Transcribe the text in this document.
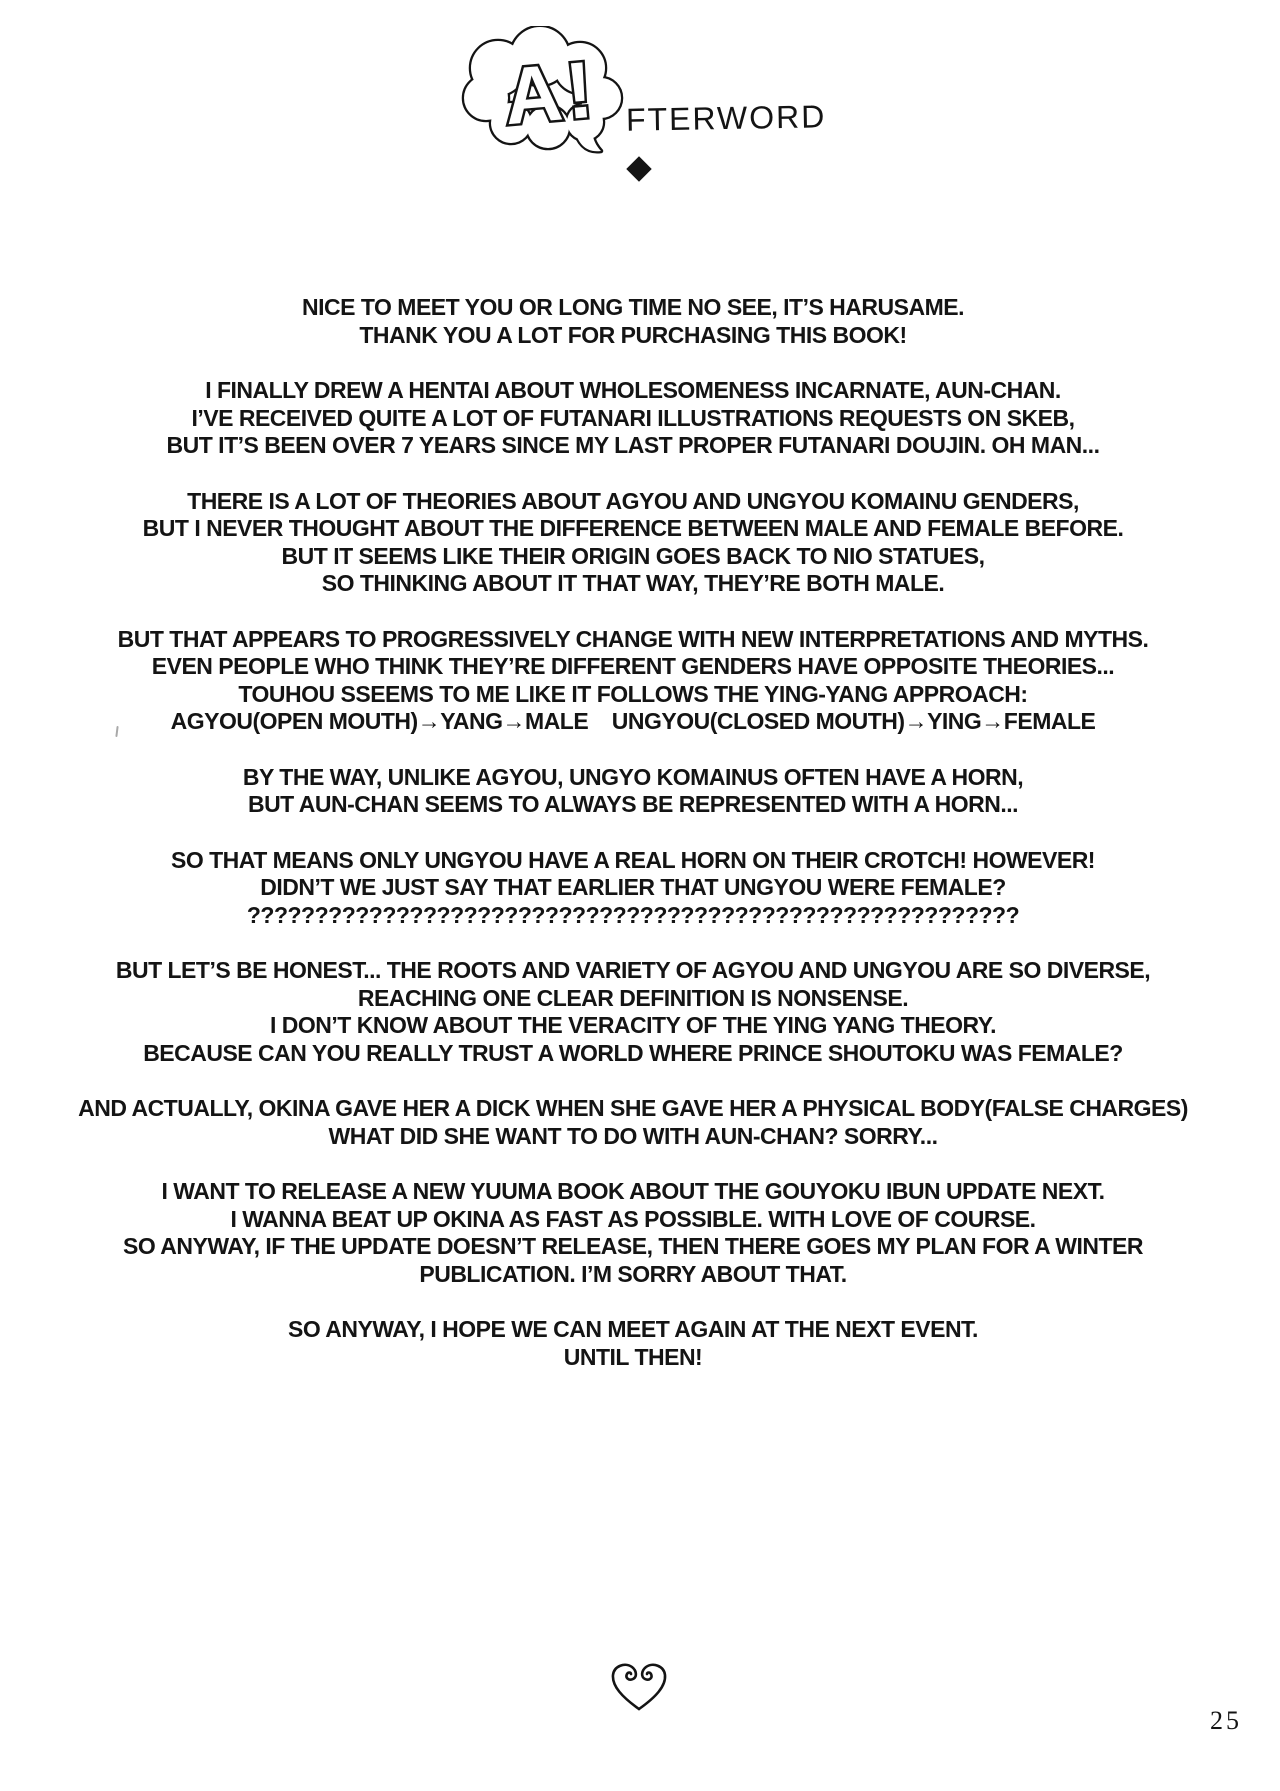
A! FTERWORD
NICE TO MEET YOU OR LONG TIME NO SEE, IT’S HARUSAME.
THANK YOU A LOT FOR PURCHASING THIS BOOK!
I FINALLY DREW A HENTAI ABOUT WHOLESOMENESS INCARNATE, AUN-CHAN.
I’VE RECEIVED QUITE A LOT OF FUTANARI ILLUSTRATIONS REQUESTS ON SKEB,
BUT IT’S BEEN OVER 7 YEARS SINCE MY LAST PROPER FUTANARI DOUJIN. OH MAN...
THERE IS A LOT OF THEORIES ABOUT AGYOU AND UNGYOU KOMAINU GENDERS,
BUT I NEVER THOUGHT ABOUT THE DIFFERENCE BETWEEN MALE AND FEMALE BEFORE.
BUT IT SEEMS LIKE THEIR ORIGIN GOES BACK TO NIO STATUES,
SO THINKING ABOUT IT THAT WAY, THEY’RE BOTH MALE.
BUT THAT APPEARS TO PROGRESSIVELY CHANGE WITH NEW INTERPRETATIONS AND MYTHS.
EVEN PEOPLE WHO THINK THEY’RE DIFFERENT GENDERS HAVE OPPOSITE THEORIES...
TOUHOU SSEEMS TO ME LIKE IT FOLLOWS THE YING-YANG APPROACH:
AGYOU(OPEN MOUTH)→YANG→MALE    UNGYOU(CLOSED MOUTH)→YING→FEMALE
BY THE WAY, UNLIKE AGYOU, UNGYO KOMAINUS OFTEN HAVE A HORN,
BUT AUN-CHAN SEEMS TO ALWAYS BE REPRESENTED WITH A HORN...
SO THAT MEANS ONLY UNGYOU HAVE A REAL HORN ON THEIR CROTCH! HOWEVER!
DIDN’T WE JUST SAY THAT EARLIER THAT UNGYOU WERE FEMALE?
?????????????????????????????????????????????????????????
BUT LET’S BE HONEST... THE ROOTS AND VARIETY OF AGYOU AND UNGYOU ARE SO DIVERSE,
REACHING ONE CLEAR DEFINITION IS NONSENSE.
I DON’T KNOW ABOUT THE VERACITY OF THE YING YANG THEORY.
BECAUSE CAN YOU REALLY TRUST A WORLD WHERE PRINCE SHOUTOKU WAS FEMALE?
AND ACTUALLY, OKINA GAVE HER A DICK WHEN SHE GAVE HER A PHYSICAL BODY(FALSE CHARGES)
WHAT DID SHE WANT TO DO WITH AUN-CHAN? SORRY...
I WANT TO RELEASE A NEW YUUMA BOOK ABOUT THE GOUYOKU IBUN UPDATE NEXT.
I WANNA BEAT UP OKINA AS FAST AS POSSIBLE. WITH LOVE OF COURSE.
SO ANYWAY, IF THE UPDATE DOESN’T RELEASE, THEN THERE GOES MY PLAN FOR A WINTER
PUBLICATION. I’M SORRY ABOUT THAT.
SO ANYWAY, I HOPE WE CAN MEET AGAIN AT THE NEXT EVENT.
UNTIL THEN!
25
